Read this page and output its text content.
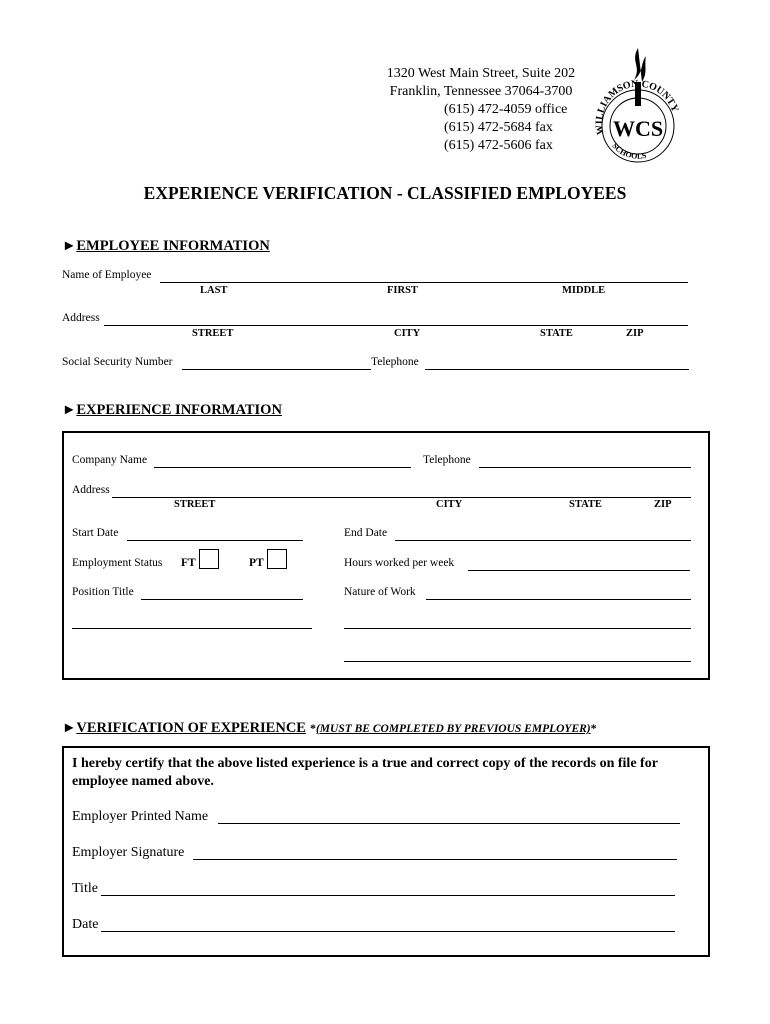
1320 West Main Street, Suite 202
Franklin, Tennessee 37064-3700
(615) 472-4059 office
(615) 472-5684 fax
(615) 472-5606 fax
WILLIAMSON COUNTY
WCS
SCHOOLS
EXPERIENCE VERIFICATION - CLASSIFIED EMPLOYEES
►EMPLOYEE INFORMATION
Name of Employee
LAST	FIRST	MIDDLE
Address
STREET	CITY	STATE	ZIP
Social Security Number	Telephone
►EXPERIENCE INFORMATION
Company Name	Telephone
Address
STREET	CITY	STATE	ZIP
Start Date	End Date
Employment Status FT	PT	Hours worked per week
Position Title	Nature of Work
►VERIFICATION OF EXPERIENCE *(MUST BE COMPLETED BY PREVIOUS EMPLOYER)*
I hereby certify that the above listed experience is a true and correct copy of the records on file for employee named above.
Employer Printed Name
Employer Signature
Title
Date
